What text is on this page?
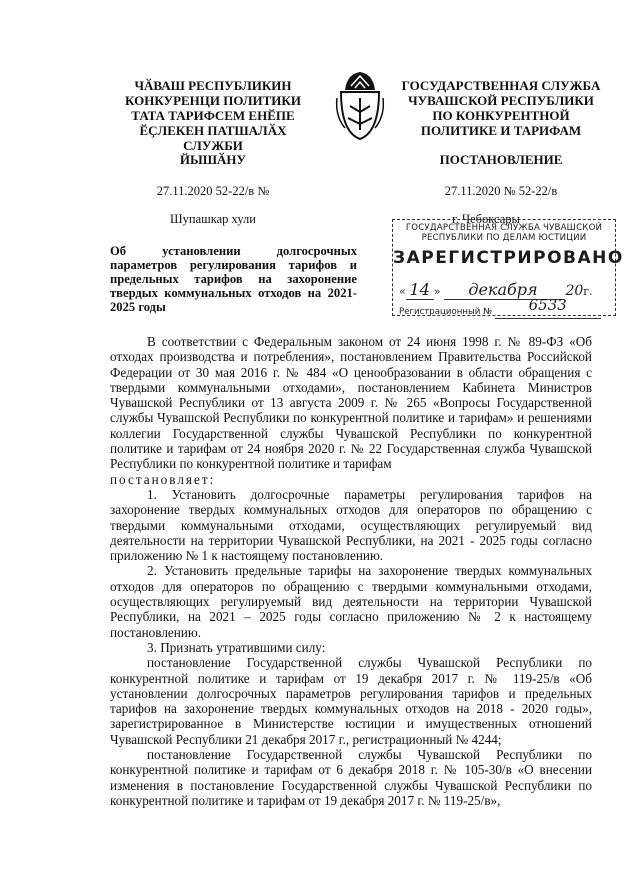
ЧӐВАШ РЕСПУБЛИКИН
КОНКУРЕНЦИ ПОЛИТИКИ
ТАТА ТАРИФСЕМ ЕНӖПЕ
ӖҪЛЕКЕН ПАТШАЛӐХ СЛУЖБИ
ГОСУДАРСТВЕННАЯ СЛУЖБА
ЧУВАШСКОЙ РЕСПУБЛИКИ
ПО КОНКУРЕНТНОЙ
ПОЛИТИКЕ И ТАРИФАМ
ЙЫШӐНУ	ПОСТАНОВЛЕНИЕ
27.11.2020 52-22/в №	27.11.2020 № 52-22/в
Шупашкар хули	г. Чебоксары
Об установлении долгосрочных параметров регулирования тарифов и предельных тарифов на захоронение твердых коммунальных отходов на 2021-2025 годы
ГОСУДАРСТВЕННАЯ СЛУЖБА ЧУВАШСКОЙ
РЕСПУБЛИКИ ПО ДЕЛАМ ЮСТИЦИИ
ЗАРЕГИСТРИРОВАНО
« 14 » декабря 20г.
Регистрационный № 6533

В соответствии с Федеральным законом от 24 июня 1998 г. № 89-ФЗ «Об отходах производства и потребления», постановлением Правительства Российской Федерации от 30 мая 2016 г. № 484 «О ценообразовании в области обращения с твердыми коммунальными отходами», постановлением Кабинета Министров Чувашской Республики от 13 августа 2009 г. № 265 «Вопросы Государственной службы Чувашской Республики по конкурентной политике и тарифам» и решениями коллегии Государственной службы Чувашской Республики по конкурентной политике и тарифам от 24 ноября 2020 г. № 22 Государственная служба Чувашской Республики по конкурентной политике и тарифам

постановляет:

1. Установить долгосрочные параметры регулирования тарифов на захоронение твердых коммунальных отходов для операторов по обращению с твердыми коммунальными отходами, осуществляющих регулируемый вид деятельности на территории Чувашской Республики, на 2021 - 2025 годы согласно приложению № 1 к настоящему постановлению.

2. Установить предельные тарифы на захоронение твердых коммунальных отходов для операторов по обращению с твердыми коммунальными отходами, осуществляющих регулируемый вид деятельности на территории Чувашской Республики, на 2021 – 2025 годы согласно приложению № 2 к настоящему постановлению.

3. Признать утратившими силу:

постановление Государственной службы Чувашской Республики по конкурентной политике и тарифам от 19 декабря 2017 г. № 119-25/в «Об установлении долгосрочных параметров регулирования тарифов и предельных тарифов на захоронение твердых коммунальных отходов на 2018 - 2020 годы», зарегистрированное в Министерстве юстиции и имущественных отношений Чувашской Республики 21 декабря 2017 г., регистрационный № 4244;

постановление Государственной службы Чувашской Республики по конкурентной политике и тарифам от 6 декабря 2018 г. № 105-30/в «О внесении изменения в постановление Государственной службы Чувашской Республики по конкурентной политике и тарифам от 19 декабря 2017 г. № 119-25/в»,
